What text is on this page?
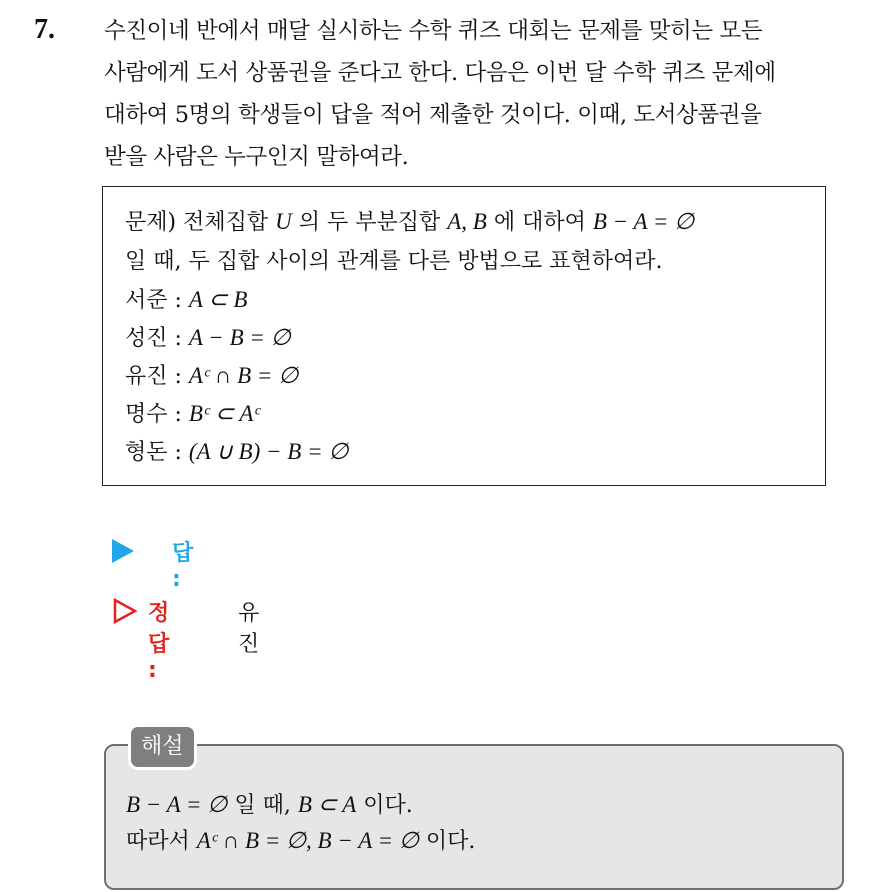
7. 수진이네 반에서 매달 실시하는 수학 퀴즈 대회는 문제를 맞히는 모든
사람에게 도서 상품권을 준다고 한다. 다음은 이번 달 수학 퀴즈 문제에
대하여 5명의 학생들이 답을 적어 제출한 것이다. 이때, 도서상품권을
받을 사람은 누구인지 말하여라.
문제) 전체집합 U 의 두 부분집합 A, B 에 대하여 B − A = ∅
일 때, 두 집합 사이의 관계를 다른 방법으로 표현하여라.
서준 : A ⊂ B
성진 : A − B = ∅
유진 : Aᶜ ∩ B = ∅
명수 : Bᶜ ⊂ Aᶜ
형돈 : (A ∪ B) − B = ∅
답 :
정답 :
유진
B − A = ∅ 일 때, B ⊂ A 이다.
따라서 Aᶜ ∩ B = ∅, B − A = ∅ 이다.
해설
